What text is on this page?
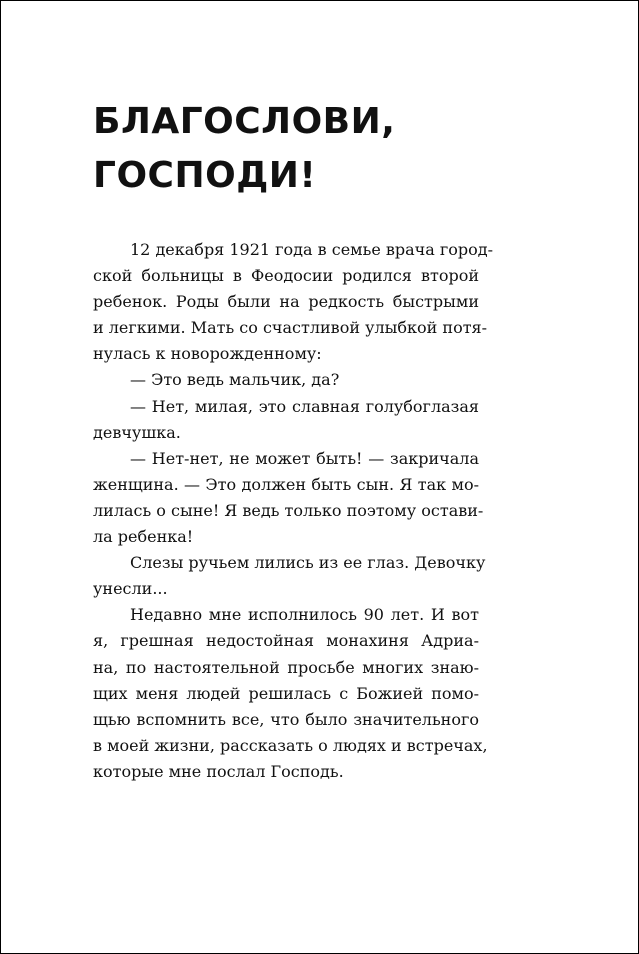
БЛАГОСЛОВИ,
ГОСПОДИ!
12 декабря 1921 года в семье врача город-
ской больницы в Феодосии родился второй
ребенок. Роды были на редкость быстрыми
и легкими. Мать со счастливой улыбкой потя-
нулась к новорожденному:
— Это ведь мальчик, да?
— Нет, милая, это славная голубоглазая
девчушка.
— Нет-нет, не может быть! — закричала
женщина. — Это должен быть сын. Я так мо-
лилась о сыне! Я ведь только поэтому остави-
ла ребенка!
Слезы ручьем лились из ее глаз. Девочку
унесли...
Недавно мне исполнилось 90 лет. И вот
я, грешная недостойная монахиня Адриа-
на, по настоятельной просьбе многих знаю-
щих меня людей решилась с Божией помо-
щью вспомнить все, что было значительного
в моей жизни, рассказать о людях и встречах,
которые мне послал Господь.
